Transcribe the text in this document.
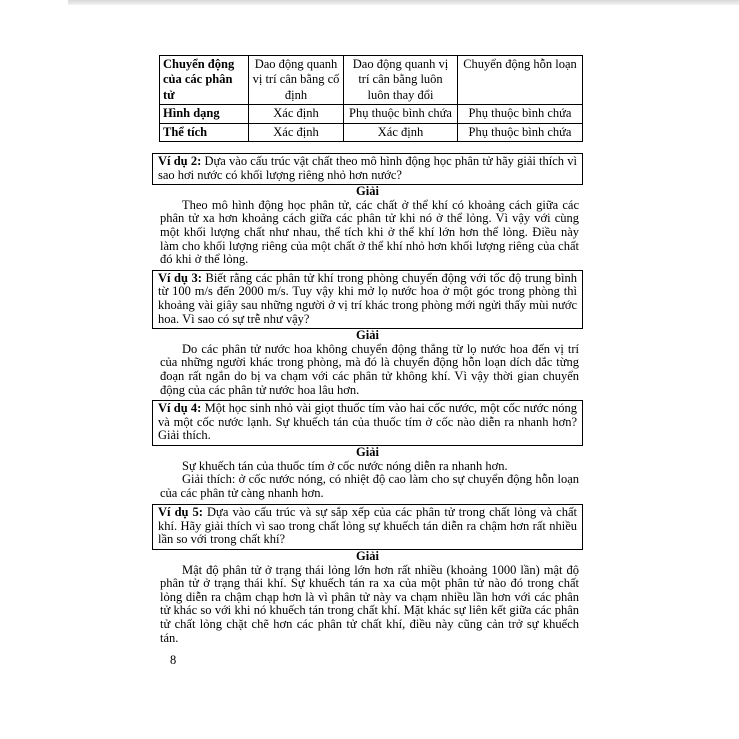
Chuyển động của các phân tử	Dao động quanh vị trí cân bằng cố định	Dao động quanh vị trí cân bằng luôn luôn thay đổi	Chuyển động hỗn loạn
Hình dạng	Xác định	Phụ thuộc bình chứa	Phụ thuộc bình chứa
Thể tích	Xác định	Xác định	Phụ thuộc bình chứa
Ví dụ 2: Dựa vào cấu trúc vật chất theo mô hình động học phân tử hãy giải thích vì sao hơi nước có khối lượng riêng nhỏ hơn nước?
Giải

Theo mô hình động học phân tử, các chất ở thể khí có khoảng cách giữa các phân tử xa hơn khoảng cách giữa các phân tử khi nó ở thể lỏng. Vì vậy với cùng một khối lượng chất như nhau, thể tích khi ở thể khí lớn hơn thể lỏng. Điều này làm cho khối lượng riêng của một chất ở thể khí nhỏ hơn khối lượng riêng của chất đó khi ở thể lỏng.

Ví dụ 3: Biết rằng các phân tử khí trong phòng chuyển động với tốc độ trung bình từ 100 m/s đến 2000 m/s. Tuy vậy khi mở lọ nước hoa ở một góc trong phòng thì khoảng vài giây sau những người ở vị trí khác trong phòng mới ngửi thấy mùi nước hoa. Vì sao có sự trễ như vậy?
Giải

Do các phân tử nước hoa không chuyển động thẳng từ lọ nước hoa đến vị trí của những người khác trong phòng, mà đó là chuyển động hỗn loạn dích dắc từng đoạn rất ngắn do bị va chạm với các phân tử không khí. Vì vậy thời gian chuyển động của các phân tử nước hoa lâu hơn.

Ví dụ 4: Một học sinh nhỏ vài giọt thuốc tím vào hai cốc nước, một cốc nước nóng và một cốc nước lạnh. Sự khuếch tán của thuốc tím ở cốc nào diễn ra nhanh hơn? Giải thích.
Giải

Sự khuếch tán của thuốc tím ở cốc nước nóng diễn ra nhanh hơn.

Giải thích: ở cốc nước nóng, có nhiệt độ cao làm cho sự chuyển động hỗn loạn của các phân tử càng nhanh hơn.

Ví dụ 5: Dựa vào cấu trúc và sự sắp xếp của các phân tử trong chất lỏng và chất khí. Hãy giải thích vì sao trong chất lỏng sự khuếch tán diễn ra chậm hơn rất nhiều lần so với trong chất khí?
Giải

Mật độ phân tử ở trạng thái lỏng lớn hơn rất nhiều (khoảng 1000 lần) mật độ phân tử ở trạng thái khí. Sự khuếch tán ra xa của một phân tử nào đó trong chất lỏng diễn ra chậm chạp hơn là vì phân tử này va chạm nhiều lần hơn với các phân tử khác so với khi nó khuếch tán trong chất khí. Mặt khác sự liên kết giữa các phân tử chất lỏng chặt chẽ hơn các phân tử chất khí, điều này cũng cản trở sự khuếch tán.

8
